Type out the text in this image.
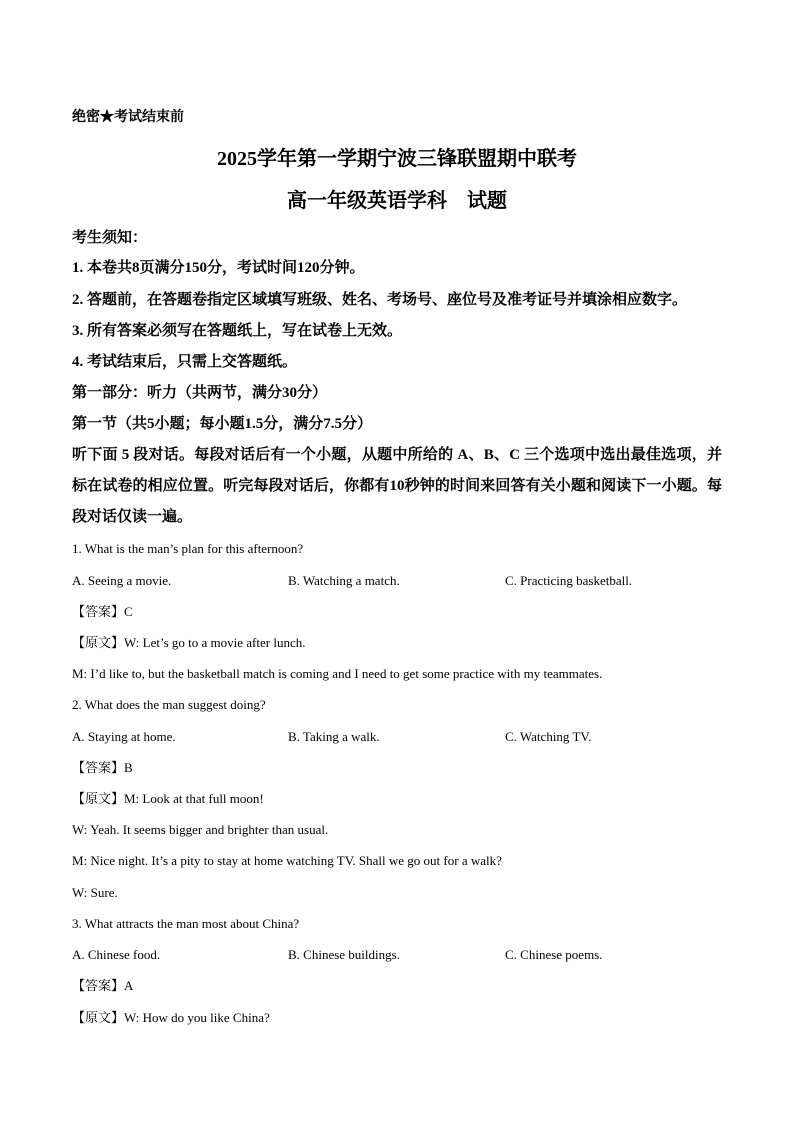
绝密★考试结束前
2025学年第一学期宁波三锋联盟期中联考
高一年级英语学科　试题
考生须知：
1. 本卷共8页满分150分，考试时间120分钟。
2. 答题前，在答题卷指定区域填写班级、姓名、考场号、座位号及准考证号并填涂相应数字。
3. 所有答案必须写在答题纸上，写在试卷上无效。
4. 考试结束后，只需上交答题纸。
第一部分：听力（共两节，满分30分）
第一节（共5小题；每小题1.5分，满分7.5分）
听下面 5 段对话。每段对话后有一个小题，从题中所给的 A、B、C 三个选项中选出最佳选项，并标在试卷的相应位置。听完每段对话后，你都有10秒钟的时间来回答有关小题和阅读下一小题。每段对话仅读一遍。
1. What is the man’s plan for this afternoon?
A. Seeing a movie.	B. Watching a match.	C. Practicing basketball.
【答案】C
【原文】W: Let’s go to a movie after lunch.
M: I’d like to, but the basketball match is coming and I need to get some practice with my teammates.
2. What does the man suggest doing?
A. Staying at home.	B. Taking a walk.	C. Watching TV.
【答案】B
【原文】M: Look at that full moon!
W: Yeah. It seems bigger and brighter than usual.
M: Nice night. It’s a pity to stay at home watching TV. Shall we go out for a walk?
W: Sure.
3. What attracts the man most about China?
A. Chinese food.	B. Chinese buildings.	C. Chinese poems.
【答案】A
【原文】W: How do you like China?
